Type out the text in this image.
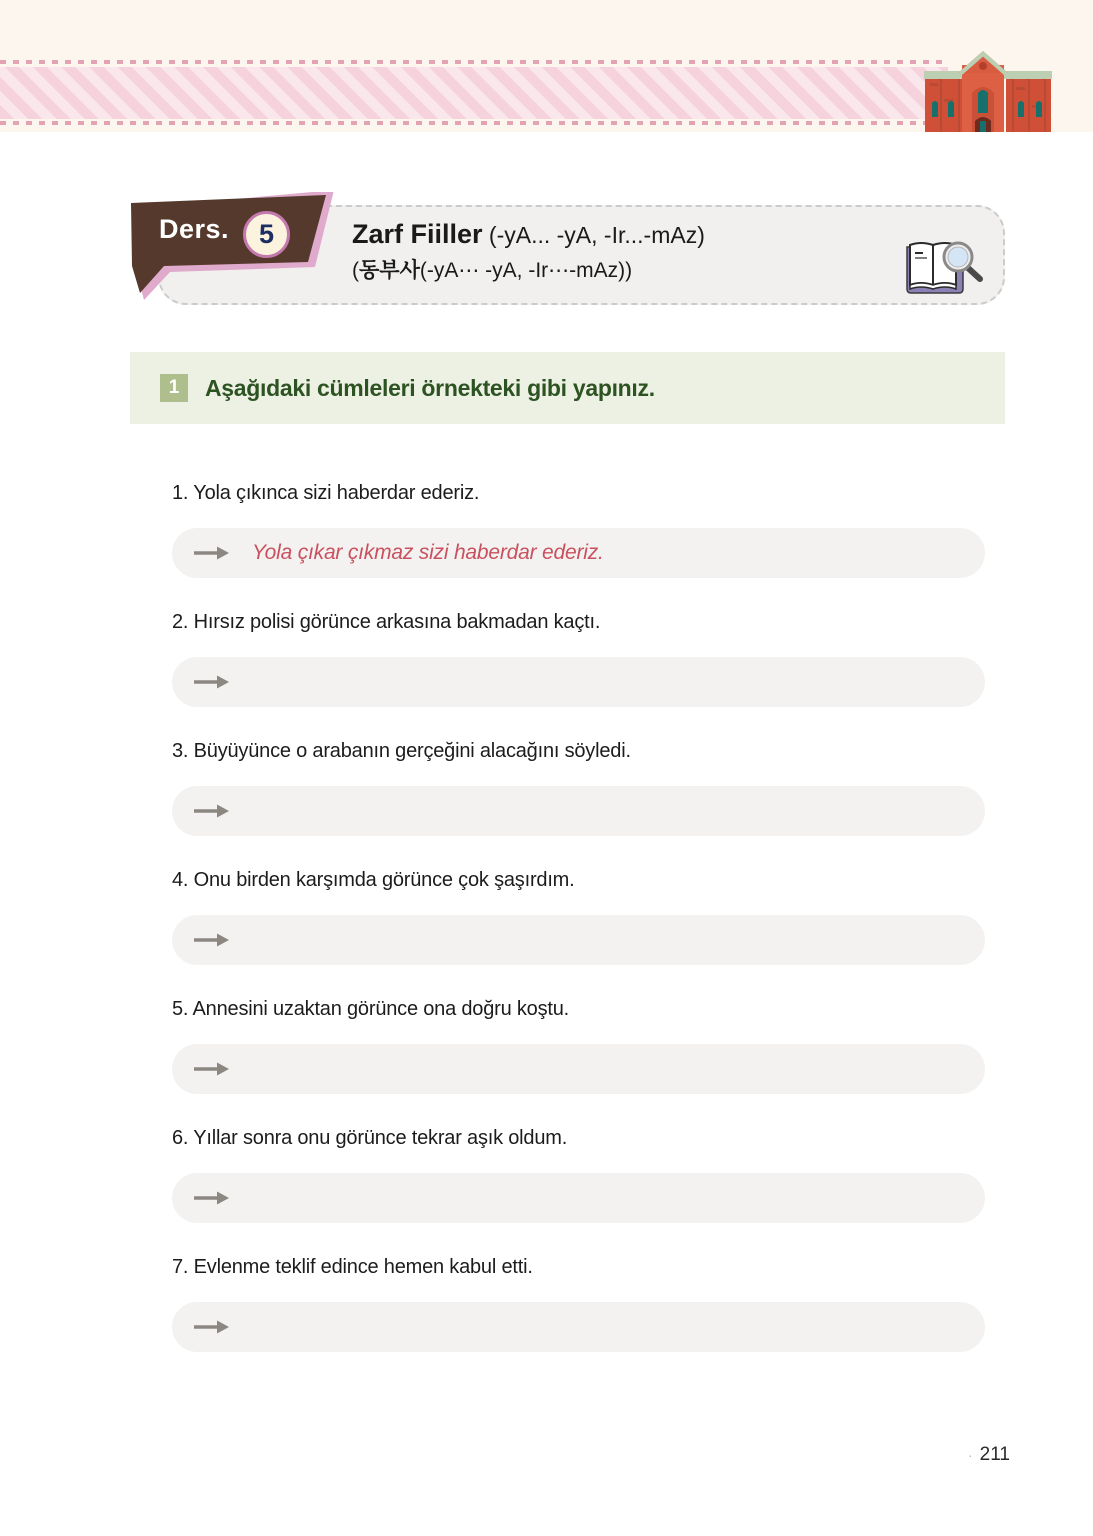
Zarf Fiiller (-yA... -yA, -Ir...-mAz)
(동부사(-yA⋯ -yA, -Ir⋯-mAz))
Ders.	5
1	Aşağıdaki cümleleri örnekteki gibi yapınız.
1. Yola çıkınca sizi haberdar ederiz.
Yola çıkar çıkmaz sizi haberdar ederiz.
2. Hırsız polisi görünce arkasına bakmadan kaçtı.
3. Büyüyünce o arabanın gerçeğini alacağını söyledi.
4. Onu birden karşımda görünce çok şaşırdım.
5. Annesini uzaktan görünce ona doğru koştu.
6. Yıllar sonra onu görünce tekrar aşık oldum.
7. Evlenme teklif edince hemen kabul etti.
· 211
